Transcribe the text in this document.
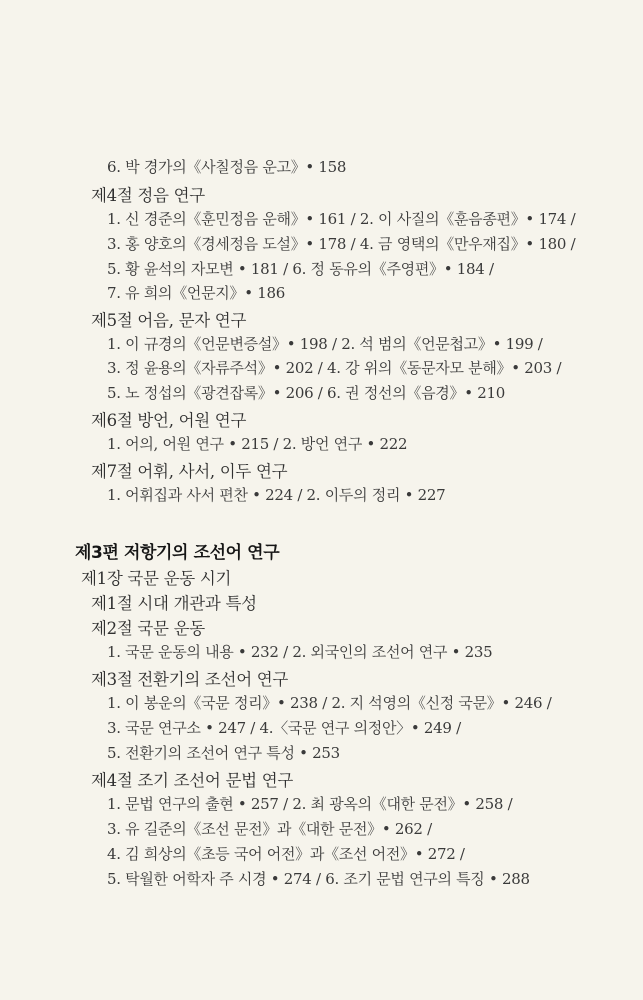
6. 박 경가의《사칠정음 운고》• 158
제4절 정음 연구
1. 신 경준의《훈민정음 운해》• 161 / 2. 이 사질의《훈음종편》• 174 /
3. 홍 양호의《경세정음 도설》• 178 / 4. 금 영택의《만우재집》• 180 /
5. 황 윤석의 자모변 • 181 / 6. 정 동유의《주영편》• 184 /
7. 유 희의《언문지》• 186
제5절 어음, 문자 연구
1. 이 규경의《언문변증설》• 198 / 2. 석 범의《언문첩고》• 199 /
3. 정 윤용의《자류주석》• 202 / 4. 강 위의《동문자모 분해》• 203 /
5. 노 정섭의《광견잡록》• 206 / 6. 권 정선의《음경》• 210
제6절 방언, 어원 연구
1. 어의, 어원 연구 • 215 / 2. 방언 연구 • 222
제7절 어휘, 사서, 이두 연구
1. 어휘집과 사서 편찬 • 224 / 2. 이두의 정리 • 227
제3편 저항기의 조선어 연구
제1장 국문 운동 시기
제1절 시대 개관과 특성
제2절 국문 운동
1. 국문 운동의 내용 • 232 / 2. 외국인의 조선어 연구 • 235
제3절 전환기의 조선어 연구
1. 이 봉운의《국문 정리》• 238 / 2. 지 석영의《신정 국문》• 246 /
3. 국문 연구소 • 247 / 4.〈국문 연구 의정안〉• 249 /
5. 전환기의 조선어 연구 특성 • 253
제4절 조기 조선어 문법 연구
1. 문법 연구의 출현 • 257 / 2. 최 광옥의《대한 문전》• 258 /
3. 유 길준의《조선 문전》과《대한 문전》• 262 /
4. 김 희상의《초등 국어 어전》과《조선 어전》• 272 /
5. 탁월한 어학자 주 시경 • 274 / 6. 조기 문법 연구의 특징 • 288
